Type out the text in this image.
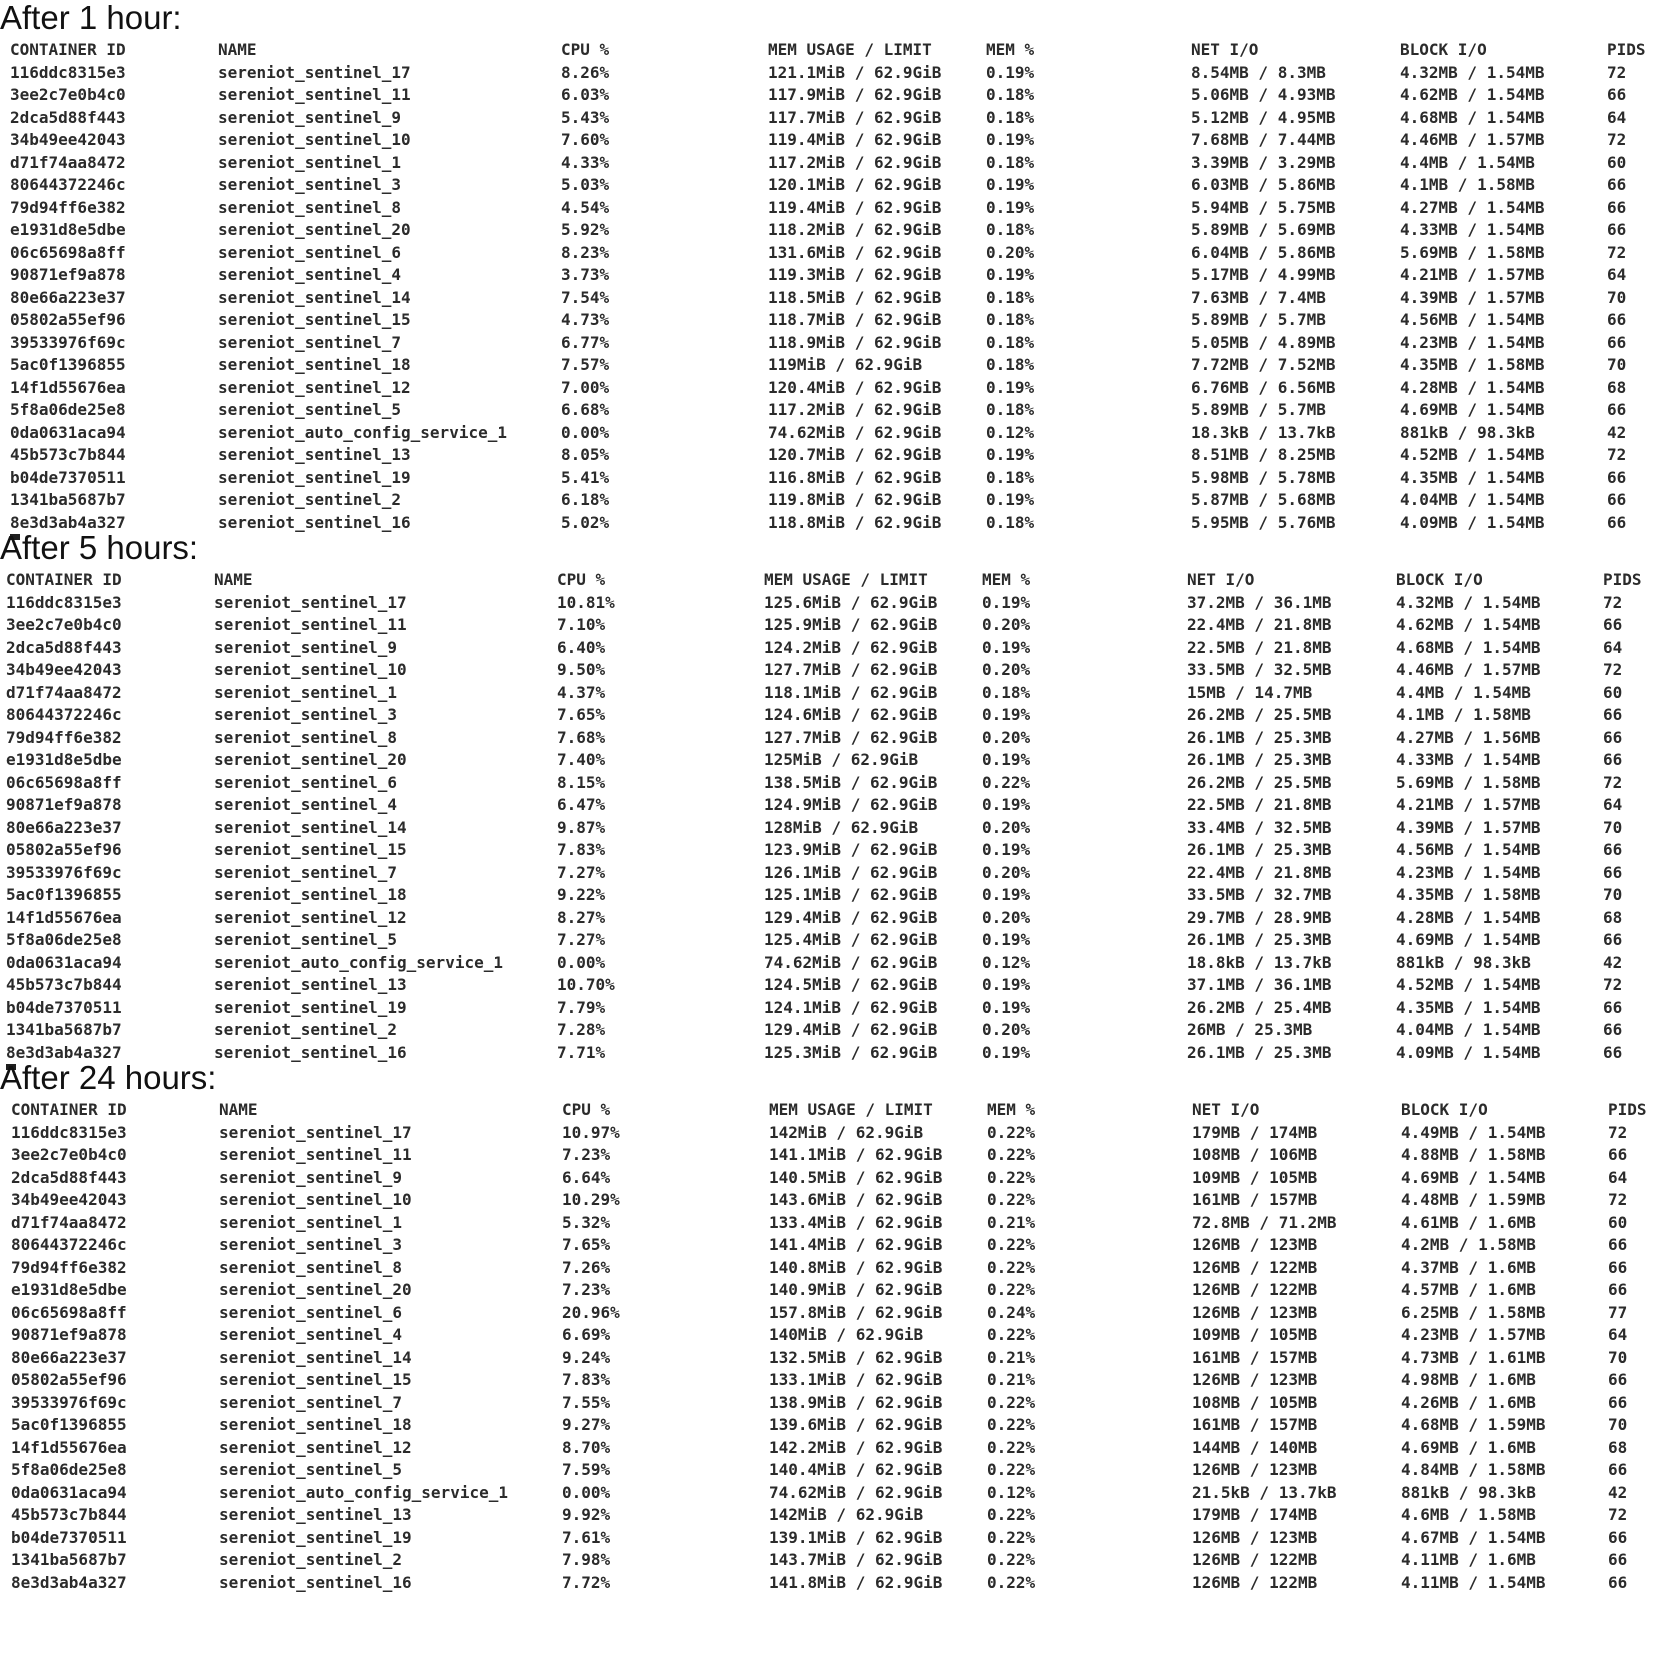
After 1 hour:
CONTAINER ID	NAME	CPU %	MEM USAGE / LIMIT	MEM %	NET I/O	BLOCK I/O	PIDS
116ddc8315e3	sereniot_sentinel_17	8.26%	121.1MiB / 62.9GiB	0.19%	8.54MB / 8.3MB	4.32MB / 1.54MB	72
3ee2c7e0b4c0	sereniot_sentinel_11	6.03%	117.9MiB / 62.9GiB	0.18%	5.06MB / 4.93MB	4.62MB / 1.54MB	66
2dca5d88f443	sereniot_sentinel_9	5.43%	117.7MiB / 62.9GiB	0.18%	5.12MB / 4.95MB	4.68MB / 1.54MB	64
34b49ee42043	sereniot_sentinel_10	7.60%	119.4MiB / 62.9GiB	0.19%	7.68MB / 7.44MB	4.46MB / 1.57MB	72
d71f74aa8472	sereniot_sentinel_1	4.33%	117.2MiB / 62.9GiB	0.18%	3.39MB / 3.29MB	4.4MB / 1.54MB	60
80644372246c	sereniot_sentinel_3	5.03%	120.1MiB / 62.9GiB	0.19%	6.03MB / 5.86MB	4.1MB / 1.58MB	66
79d94ff6e382	sereniot_sentinel_8	4.54%	119.4MiB / 62.9GiB	0.19%	5.94MB / 5.75MB	4.27MB / 1.54MB	66
e1931d8e5dbe	sereniot_sentinel_20	5.92%	118.2MiB / 62.9GiB	0.18%	5.89MB / 5.69MB	4.33MB / 1.54MB	66
06c65698a8ff	sereniot_sentinel_6	8.23%	131.6MiB / 62.9GiB	0.20%	6.04MB / 5.86MB	5.69MB / 1.58MB	72
90871ef9a878	sereniot_sentinel_4	3.73%	119.3MiB / 62.9GiB	0.19%	5.17MB / 4.99MB	4.21MB / 1.57MB	64
80e66a223e37	sereniot_sentinel_14	7.54%	118.5MiB / 62.9GiB	0.18%	7.63MB / 7.4MB	4.39MB / 1.57MB	70
05802a55ef96	sereniot_sentinel_15	4.73%	118.7MiB / 62.9GiB	0.18%	5.89MB / 5.7MB	4.56MB / 1.54MB	66
39533976f69c	sereniot_sentinel_7	6.77%	118.9MiB / 62.9GiB	0.18%	5.05MB / 4.89MB	4.23MB / 1.54MB	66
5ac0f1396855	sereniot_sentinel_18	7.57%	119MiB / 62.9GiB	0.18%	7.72MB / 7.52MB	4.35MB / 1.58MB	70
14f1d55676ea	sereniot_sentinel_12	7.00%	120.4MiB / 62.9GiB	0.19%	6.76MB / 6.56MB	4.28MB / 1.54MB	68
5f8a06de25e8	sereniot_sentinel_5	6.68%	117.2MiB / 62.9GiB	0.18%	5.89MB / 5.7MB	4.69MB / 1.54MB	66
0da0631aca94	sereniot_auto_config_service_1	0.00%	74.62MiB / 62.9GiB	0.12%	18.3kB / 13.7kB	881kB / 98.3kB	42
45b573c7b844	sereniot_sentinel_13	8.05%	120.7MiB / 62.9GiB	0.19%	8.51MB / 8.25MB	4.52MB / 1.54MB	72
b04de7370511	sereniot_sentinel_19	5.41%	116.8MiB / 62.9GiB	0.18%	5.98MB / 5.78MB	4.35MB / 1.54MB	66
1341ba5687b7	sereniot_sentinel_2	6.18%	119.8MiB / 62.9GiB	0.19%	5.87MB / 5.68MB	4.04MB / 1.54MB	66
8e3d3ab4a327	sereniot_sentinel_16	5.02%	118.8MiB / 62.9GiB	0.18%	5.95MB / 5.76MB	4.09MB / 1.54MB	66
After 5 hours:
CONTAINER ID	NAME	CPU %	MEM USAGE / LIMIT	MEM %	NET I/O	BLOCK I/O	PIDS
116ddc8315e3	sereniot_sentinel_17	10.81%	125.6MiB / 62.9GiB	0.19%	37.2MB / 36.1MB	4.32MB / 1.54MB	72
3ee2c7e0b4c0	sereniot_sentinel_11	7.10%	125.9MiB / 62.9GiB	0.20%	22.4MB / 21.8MB	4.62MB / 1.54MB	66
2dca5d88f443	sereniot_sentinel_9	6.40%	124.2MiB / 62.9GiB	0.19%	22.5MB / 21.8MB	4.68MB / 1.54MB	64
34b49ee42043	sereniot_sentinel_10	9.50%	127.7MiB / 62.9GiB	0.20%	33.5MB / 32.5MB	4.46MB / 1.57MB	72
d71f74aa8472	sereniot_sentinel_1	4.37%	118.1MiB / 62.9GiB	0.18%	15MB / 14.7MB	4.4MB / 1.54MB	60
80644372246c	sereniot_sentinel_3	7.65%	124.6MiB / 62.9GiB	0.19%	26.2MB / 25.5MB	4.1MB / 1.58MB	66
79d94ff6e382	sereniot_sentinel_8	7.68%	127.7MiB / 62.9GiB	0.20%	26.1MB / 25.3MB	4.27MB / 1.56MB	66
e1931d8e5dbe	sereniot_sentinel_20	7.40%	125MiB / 62.9GiB	0.19%	26.1MB / 25.3MB	4.33MB / 1.54MB	66
06c65698a8ff	sereniot_sentinel_6	8.15%	138.5MiB / 62.9GiB	0.22%	26.2MB / 25.5MB	5.69MB / 1.58MB	72
90871ef9a878	sereniot_sentinel_4	6.47%	124.9MiB / 62.9GiB	0.19%	22.5MB / 21.8MB	4.21MB / 1.57MB	64
80e66a223e37	sereniot_sentinel_14	9.87%	128MiB / 62.9GiB	0.20%	33.4MB / 32.5MB	4.39MB / 1.57MB	70
05802a55ef96	sereniot_sentinel_15	7.83%	123.9MiB / 62.9GiB	0.19%	26.1MB / 25.3MB	4.56MB / 1.54MB	66
39533976f69c	sereniot_sentinel_7	7.27%	126.1MiB / 62.9GiB	0.20%	22.4MB / 21.8MB	4.23MB / 1.54MB	66
5ac0f1396855	sereniot_sentinel_18	9.22%	125.1MiB / 62.9GiB	0.19%	33.5MB / 32.7MB	4.35MB / 1.58MB	70
14f1d55676ea	sereniot_sentinel_12	8.27%	129.4MiB / 62.9GiB	0.20%	29.7MB / 28.9MB	4.28MB / 1.54MB	68
5f8a06de25e8	sereniot_sentinel_5	7.27%	125.4MiB / 62.9GiB	0.19%	26.1MB / 25.3MB	4.69MB / 1.54MB	66
0da0631aca94	sereniot_auto_config_service_1	0.00%	74.62MiB / 62.9GiB	0.12%	18.8kB / 13.7kB	881kB / 98.3kB	42
45b573c7b844	sereniot_sentinel_13	10.70%	124.5MiB / 62.9GiB	0.19%	37.1MB / 36.1MB	4.52MB / 1.54MB	72
b04de7370511	sereniot_sentinel_19	7.79%	124.1MiB / 62.9GiB	0.19%	26.2MB / 25.4MB	4.35MB / 1.54MB	66
1341ba5687b7	sereniot_sentinel_2	7.28%	129.4MiB / 62.9GiB	0.20%	26MB / 25.3MB	4.04MB / 1.54MB	66
8e3d3ab4a327	sereniot_sentinel_16	7.71%	125.3MiB / 62.9GiB	0.19%	26.1MB / 25.3MB	4.09MB / 1.54MB	66
After 24 hours:
CONTAINER ID	NAME	CPU %	MEM USAGE / LIMIT	MEM %	NET I/O	BLOCK I/O	PIDS
116ddc8315e3	sereniot_sentinel_17	10.97%	142MiB / 62.9GiB	0.22%	179MB / 174MB	4.49MB / 1.54MB	72
3ee2c7e0b4c0	sereniot_sentinel_11	7.23%	141.1MiB / 62.9GiB	0.22%	108MB / 106MB	4.88MB / 1.58MB	66
2dca5d88f443	sereniot_sentinel_9	6.64%	140.5MiB / 62.9GiB	0.22%	109MB / 105MB	4.69MB / 1.54MB	64
34b49ee42043	sereniot_sentinel_10	10.29%	143.6MiB / 62.9GiB	0.22%	161MB / 157MB	4.48MB / 1.59MB	72
d71f74aa8472	sereniot_sentinel_1	5.32%	133.4MiB / 62.9GiB	0.21%	72.8MB / 71.2MB	4.61MB / 1.6MB	60
80644372246c	sereniot_sentinel_3	7.65%	141.4MiB / 62.9GiB	0.22%	126MB / 123MB	4.2MB / 1.58MB	66
79d94ff6e382	sereniot_sentinel_8	7.26%	140.8MiB / 62.9GiB	0.22%	126MB / 122MB	4.37MB / 1.6MB	66
e1931d8e5dbe	sereniot_sentinel_20	7.23%	140.9MiB / 62.9GiB	0.22%	126MB / 122MB	4.57MB / 1.6MB	66
06c65698a8ff	sereniot_sentinel_6	20.96%	157.8MiB / 62.9GiB	0.24%	126MB / 123MB	6.25MB / 1.58MB	77
90871ef9a878	sereniot_sentinel_4	6.69%	140MiB / 62.9GiB	0.22%	109MB / 105MB	4.23MB / 1.57MB	64
80e66a223e37	sereniot_sentinel_14	9.24%	132.5MiB / 62.9GiB	0.21%	161MB / 157MB	4.73MB / 1.61MB	70
05802a55ef96	sereniot_sentinel_15	7.83%	133.1MiB / 62.9GiB	0.21%	126MB / 123MB	4.98MB / 1.6MB	66
39533976f69c	sereniot_sentinel_7	7.55%	138.9MiB / 62.9GiB	0.22%	108MB / 105MB	4.26MB / 1.6MB	66
5ac0f1396855	sereniot_sentinel_18	9.27%	139.6MiB / 62.9GiB	0.22%	161MB / 157MB	4.68MB / 1.59MB	70
14f1d55676ea	sereniot_sentinel_12	8.70%	142.2MiB / 62.9GiB	0.22%	144MB / 140MB	4.69MB / 1.6MB	68
5f8a06de25e8	sereniot_sentinel_5	7.59%	140.4MiB / 62.9GiB	0.22%	126MB / 123MB	4.84MB / 1.58MB	66
0da0631aca94	sereniot_auto_config_service_1	0.00%	74.62MiB / 62.9GiB	0.12%	21.5kB / 13.7kB	881kB / 98.3kB	42
45b573c7b844	sereniot_sentinel_13	9.92%	142MiB / 62.9GiB	0.22%	179MB / 174MB	4.6MB / 1.58MB	72
b04de7370511	sereniot_sentinel_19	7.61%	139.1MiB / 62.9GiB	0.22%	126MB / 123MB	4.67MB / 1.54MB	66
1341ba5687b7	sereniot_sentinel_2	7.98%	143.7MiB / 62.9GiB	0.22%	126MB / 122MB	4.11MB / 1.6MB	66
8e3d3ab4a327	sereniot_sentinel_16	7.72%	141.8MiB / 62.9GiB	0.22%	126MB / 122MB	4.11MB / 1.54MB	66
